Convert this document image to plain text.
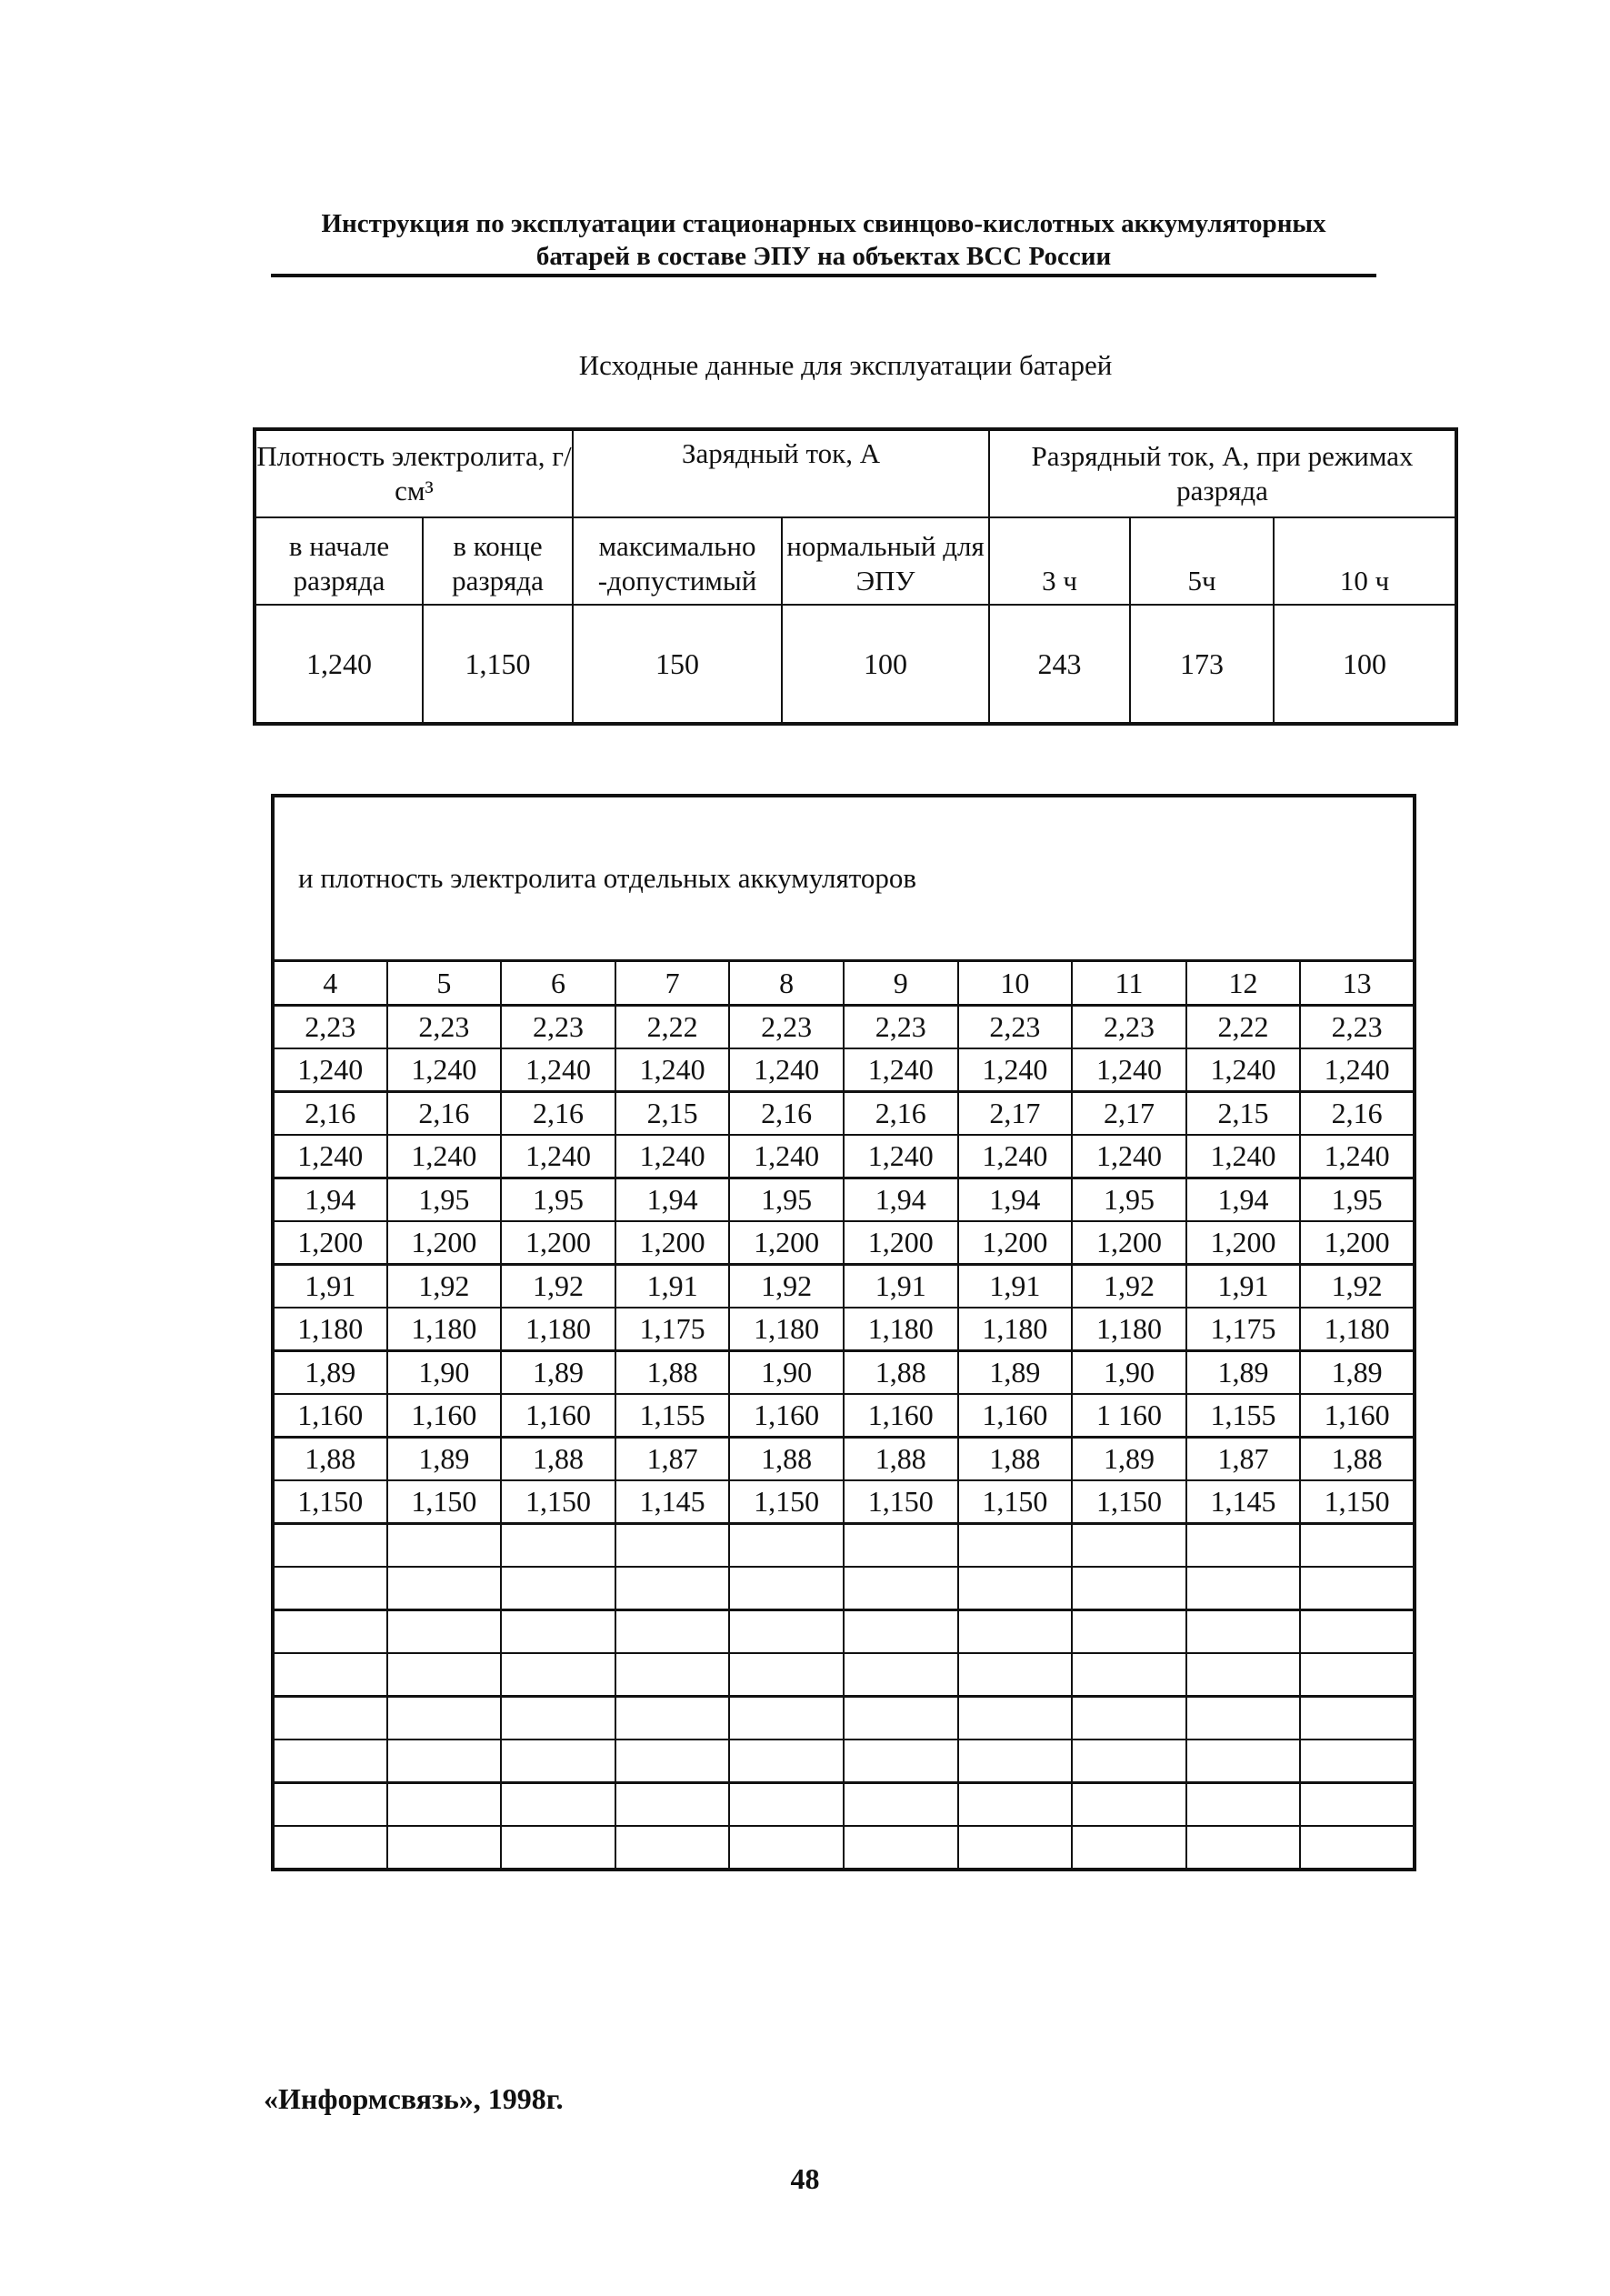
Инструкция по эксплуатации стационарных свинцово-кислотных аккумуляторных
батарей в составе ЭПУ на объектах ВСС России
Исходные данные для эксплуатации батарей
Плотность электролита, г/см³		Зарядный ток, А		Разрядный ток, А, при режимах разряда		
в начале разряда	в конце разряда	максимально -допустимый	нормальный для ЭПУ	3 ч	5ч	10 ч
1,240	1,150	150	100	243	173	100
и плотность электролита отдельных аккумуляторов									
4	5	6	7	8	9	10	11	12	13
2,23	2,23	2,23	2,22	2,23	2,23	2,23	2,23	2,22	2,23
1,240	1,240	1,240	1,240	1,240	1,240	1,240	1,240	1,240	1,240
2,16	2,16	2,16	2,15	2,16	2,16	2,17	2,17	2,15	2,16
1,240	1,240	1,240	1,240	1,240	1,240	1,240	1,240	1,240	1,240
1,94	1,95	1,95	1,94	1,95	1,94	1,94	1,95	1,94	1,95
1,200	1,200	1,200	1,200	1,200	1,200	1,200	1,200	1,200	1,200
1,91	1,92	1,92	1,91	1,92	1,91	1,91	1,92	1,91	1,92
1,180	1,180	1,180	1,175	1,180	1,180	1,180	1,180	1,175	1,180
1,89	1,90	1,89	1,88	1,90	1,88	1,89	1,90	1,89	1,89
1,160	1,160	1,160	1,155	1,160	1,160	1,160	1 160	1,155	1,160
1,88	1,89	1,88	1,87	1,88	1,88	1,88	1,89	1,87	1,88
1,150	1,150	1,150	1,145	1,150	1,150	1,150	1,150	1,145	1,150

«Информсвязь», 1998г.
48
